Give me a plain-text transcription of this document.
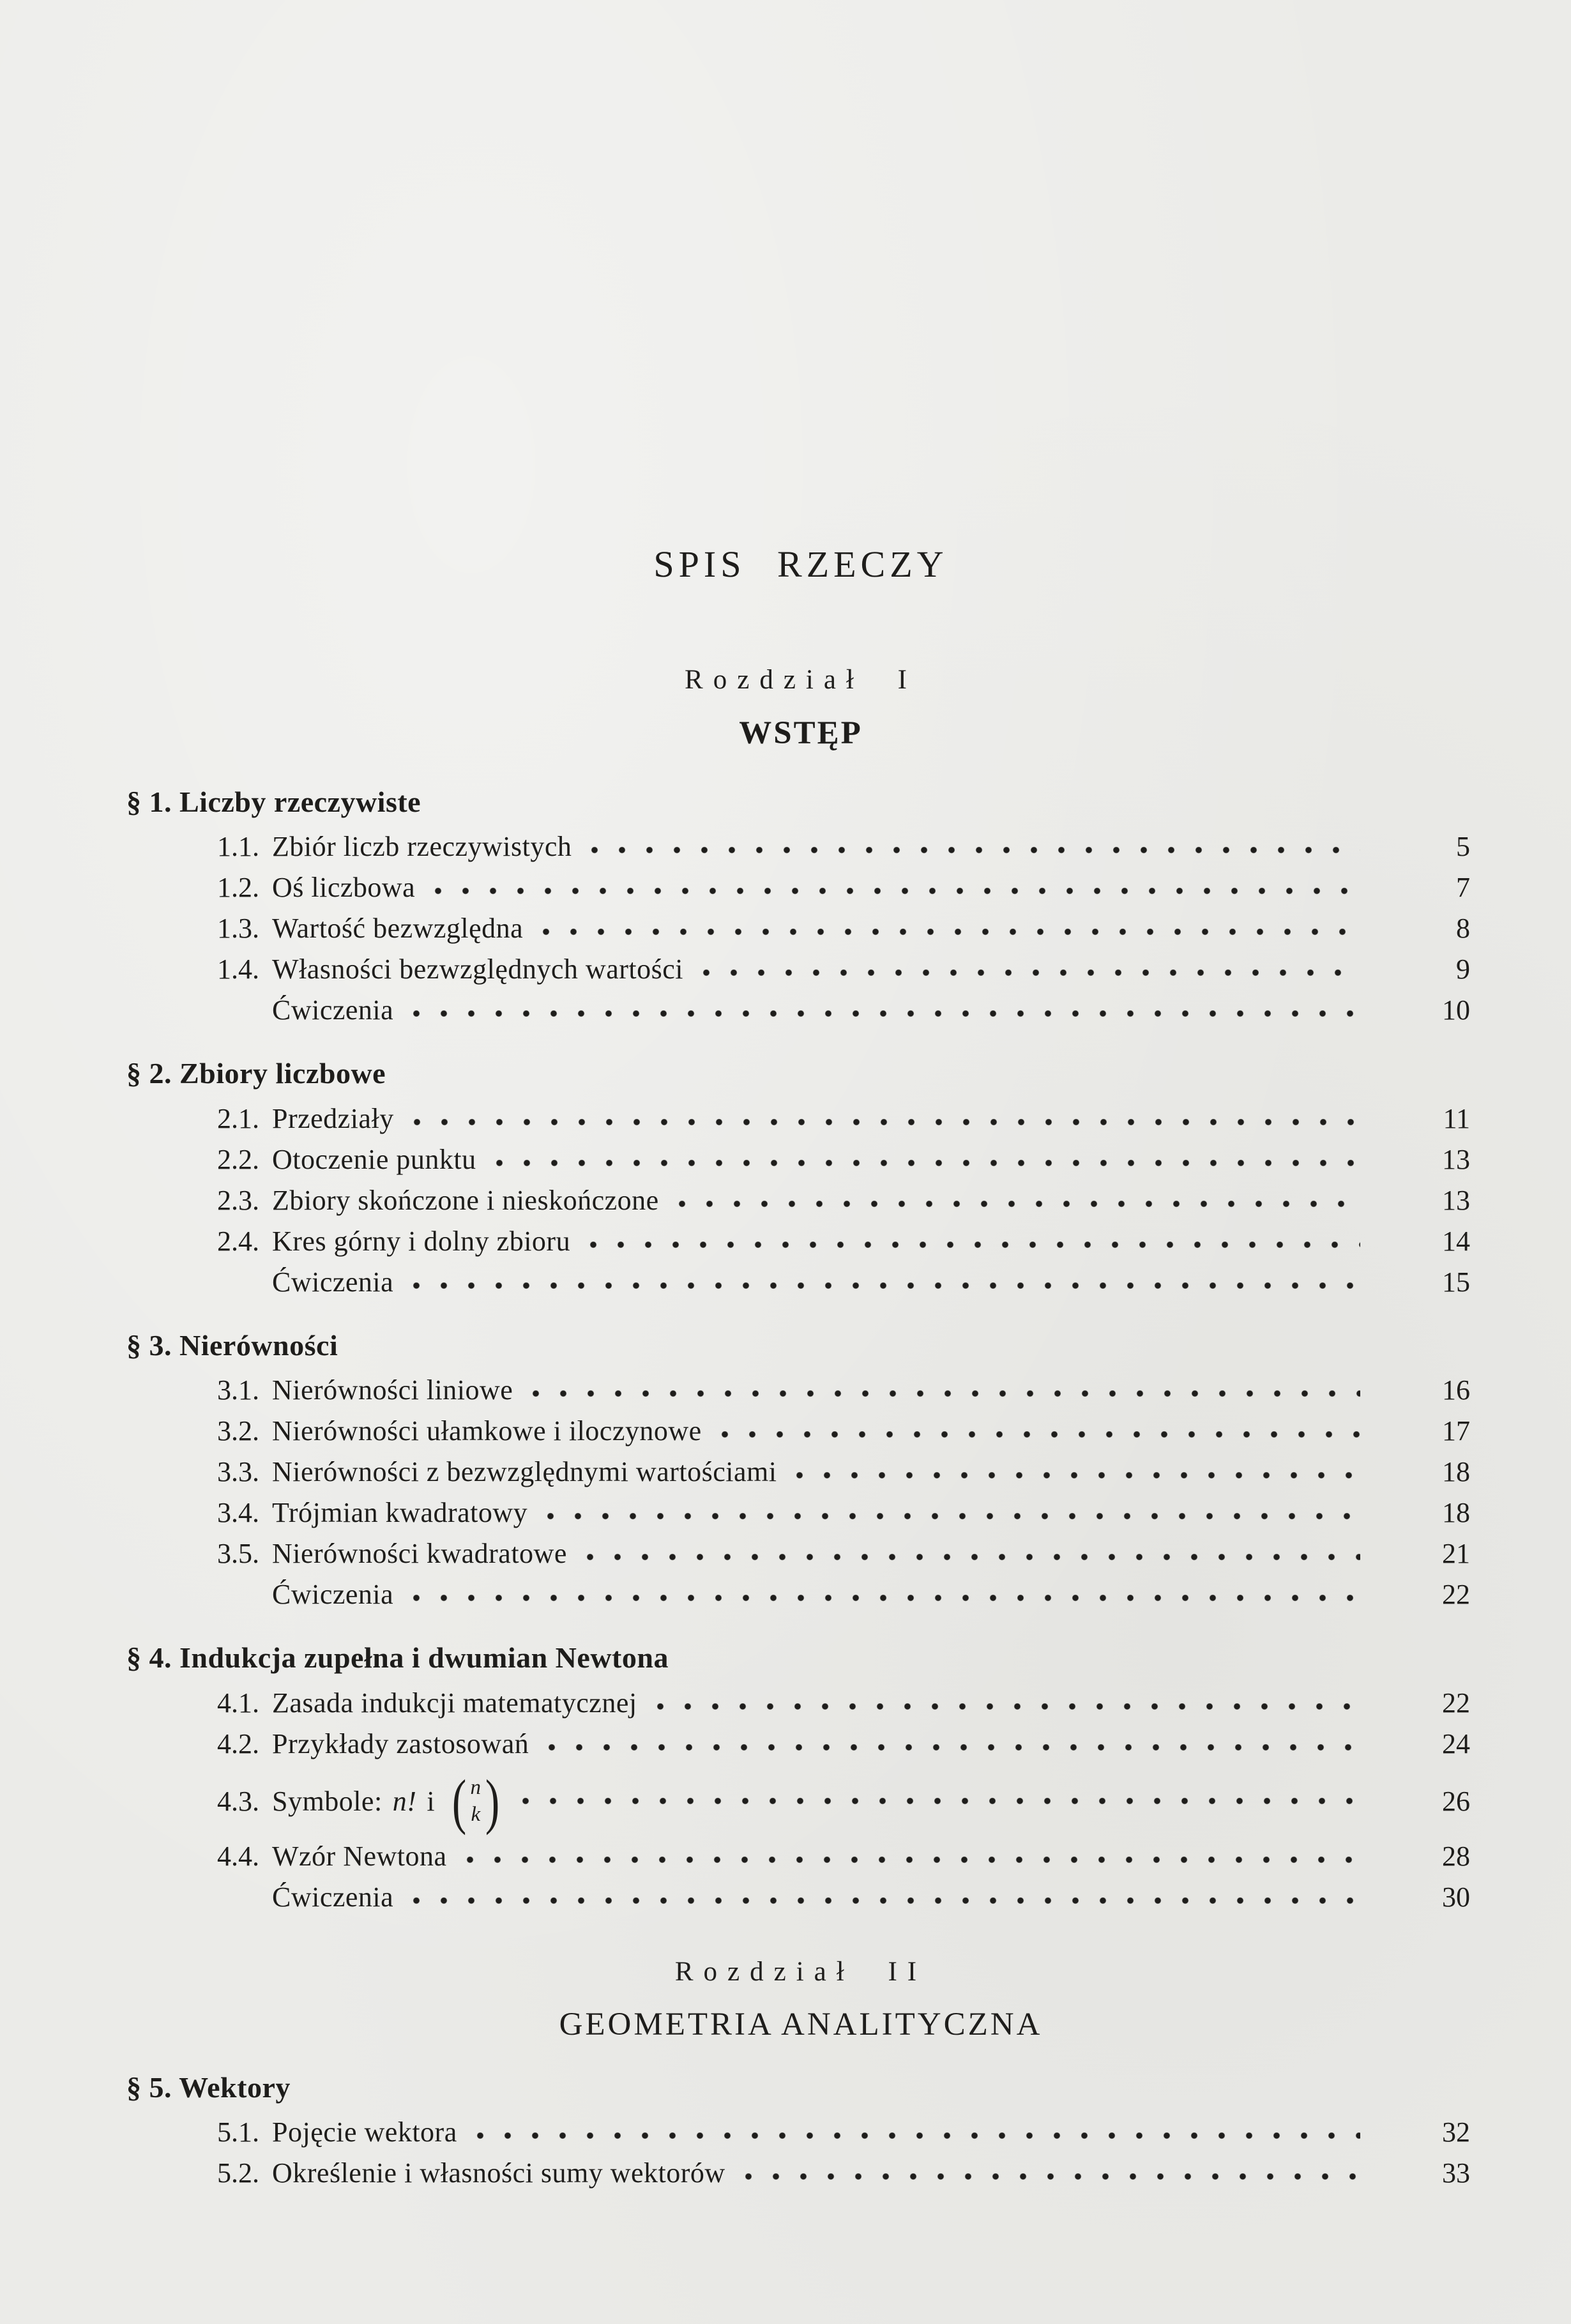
SPIS RZECZY
Rozdział I
WSTĘP
§ 1. Liczby rzeczywiste
1.1. Zbiór liczb rzeczywistych	5
1.2. Oś liczbowa	7
1.3. Wartość bezwzględna	8
1.4. Własności bezwzględnych wartości	9
Ćwiczenia	10
§ 2. Zbiory liczbowe
2.1. Przedziały	11
2.2. Otoczenie punktu	13
2.3. Zbiory skończone i nieskończone	13
2.4. Kres górny i dolny zbioru	14
Ćwiczenia	15
§ 3. Nierówności
3.1. Nierówności liniowe	16
3.2. Nierówności ułamkowe i iloczynowe	17
3.3. Nierówności z bezwzględnymi wartościami	18
3.4. Trójmian kwadratowy	18
3.5. Nierówności kwadratowe	21
Ćwiczenia	22
§ 4. Indukcja zupełna i dwumian Newtona
4.1. Zasada indukcji matematycznej	22
4.2. Przykłady zastosowań	24
4.3. Symbole: n! i ( n
k )	26
4.4. Wzór Newtona	28
Ćwiczenia	30
Rozdział II
GEOMETRIA ANALITYCZNA
§ 5. Wektory
5.1. Pojęcie wektora	32
5.2. Określenie i własności sumy wektorów	33
